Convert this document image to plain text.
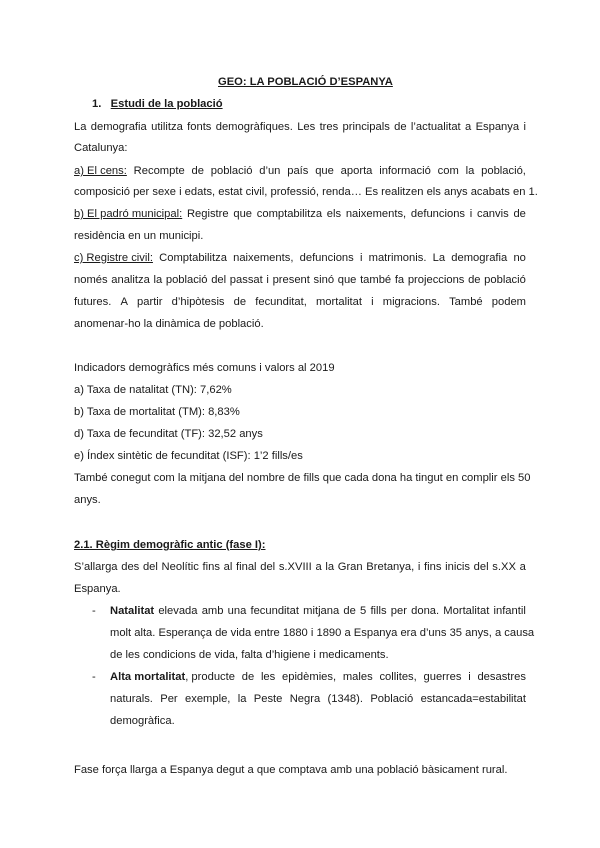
GEO: LA POBLACIÓ D’ESPANYA
1. Estudi de la població
La demografia utilitza fonts demogràfiques. Les tres principals de l’actualitat a Espanya i
Catalunya:
a) El cens: Recompte de població d’un país que aporta informació com la població,
composició per sexe i edats, estat civil, professió, renda… Es realitzen els anys acabats en 1.
b) El padró municipal: Registre que comptabilitza els naixements, defuncions i canvis de
residència en un municipi.
c) Registre civil: Comptabilitza naixements, defuncions i matrimonis. La demografia no
només analitza la població del passat i present sinó que també fa projeccions de població
futures. A partir d’hipòtesis de fecunditat, mortalitat i migracions. També podem
anomenar-ho la dinàmica de població.
Indicadors demogràfics més comuns i valors al 2019
a) Taxa de natalitat (TN): 7,62%
b) Taxa de mortalitat (TM): 8,83%
d) Taxa de fecunditat (TF): 32,52 anys
e) Índex sintètic de fecunditat (ISF): 1’2 fills/es
També conegut com la mitjana del nombre de fills que cada dona ha tingut en complir els 50
anys.
2.1. Règim demogràfic antic (fase I):
S’allarga des del Neolític fins al final del s.XVIII a la Gran Bretanya, i fins inicis del s.XX a
Espanya.
- Natalitat elevada amb una fecunditat mitjana de 5 fills per dona. Mortalitat infantil
molt alta. Esperança de vida entre 1880 i 1890 a Espanya era d’uns 35 anys, a causa
de les condicions de vida, falta d’higiene i medicaments.
- Alta mortalitat , producte de les epidèmies, males collites, guerres i desastres
naturals. Per exemple, la Peste Negra (1348). Població estancada=estabilitat
demogràfica.
Fase força llarga a Espanya degut a que comptava amb una població bàsicament rural.
